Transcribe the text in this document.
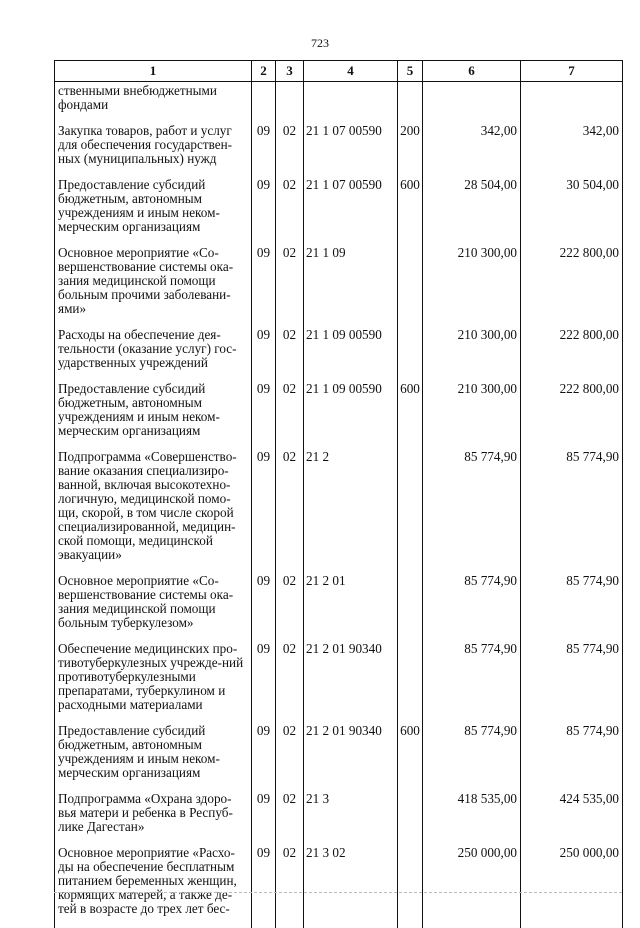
723
1	2	3	4	5	6	7
ственными внебюджетными фондами						
Закупка товаров, работ и услуг для обеспечения государствен-ных (муниципальных) нужд	09	02	21 1 07 00590	200	342,00	342,00
Предоставление субсидий бюджетным, автономным учреждениям и иным неком-мерческим организациям	09	02	21 1 07 00590	600	28 504,00	30 504,00
Основное мероприятие «Со-вершенствование системы ока-зания медицинской помощи больным прочими заболевани-ями»	09	02	21 1 09		210 300,00	222 800,00
Расходы на обеспечение дея-тельности (оказание услуг) гос-ударственных учреждений	09	02	21 1 09 00590		210 300,00	222 800,00
Предоставление субсидий бюджетным, автономным учреждениям и иным неком-мерческим организациям	09	02	21 1 09 00590	600	210 300,00	222 800,00
Подпрограмма «Совершенство-вание оказания специализиро-ванной, включая высокотехно-логичную, медицинской помо-щи, скорой, в том числе скорой специализированной, медицин-ской помощи, медицинской эвакуации»	09	02	21 2		85 774,90	85 774,90
Основное мероприятие «Со-вершенствование системы ока-зания медицинской помощи больным туберкулезом»	09	02	21 2 01		85 774,90	85 774,90
Обеспечение медицинских про-тивотуберкулезных учрежде-ний противотуберкулезными препаратами, туберкулином и расходными материалами	09	02	21 2 01 90340		85 774,90	85 774,90
Предоставление субсидий бюджетным, автономным учреждениям и иным неком-мерческим организациям	09	02	21 2 01 90340	600	85 774,90	85 774,90
Подпрограмма «Охрана здоро-вья матери и ребенка в Респуб-лике Дагестан»	09	02	21 3		418 535,00	424 535,00
Основное мероприятие «Расхо-ды на обеспечение бесплатным питанием беременных женщин, кормящих матерей, а также де-тей в возрасте до трех лет бес-	09	02	21 3 02		250 000,00	250 000,00
